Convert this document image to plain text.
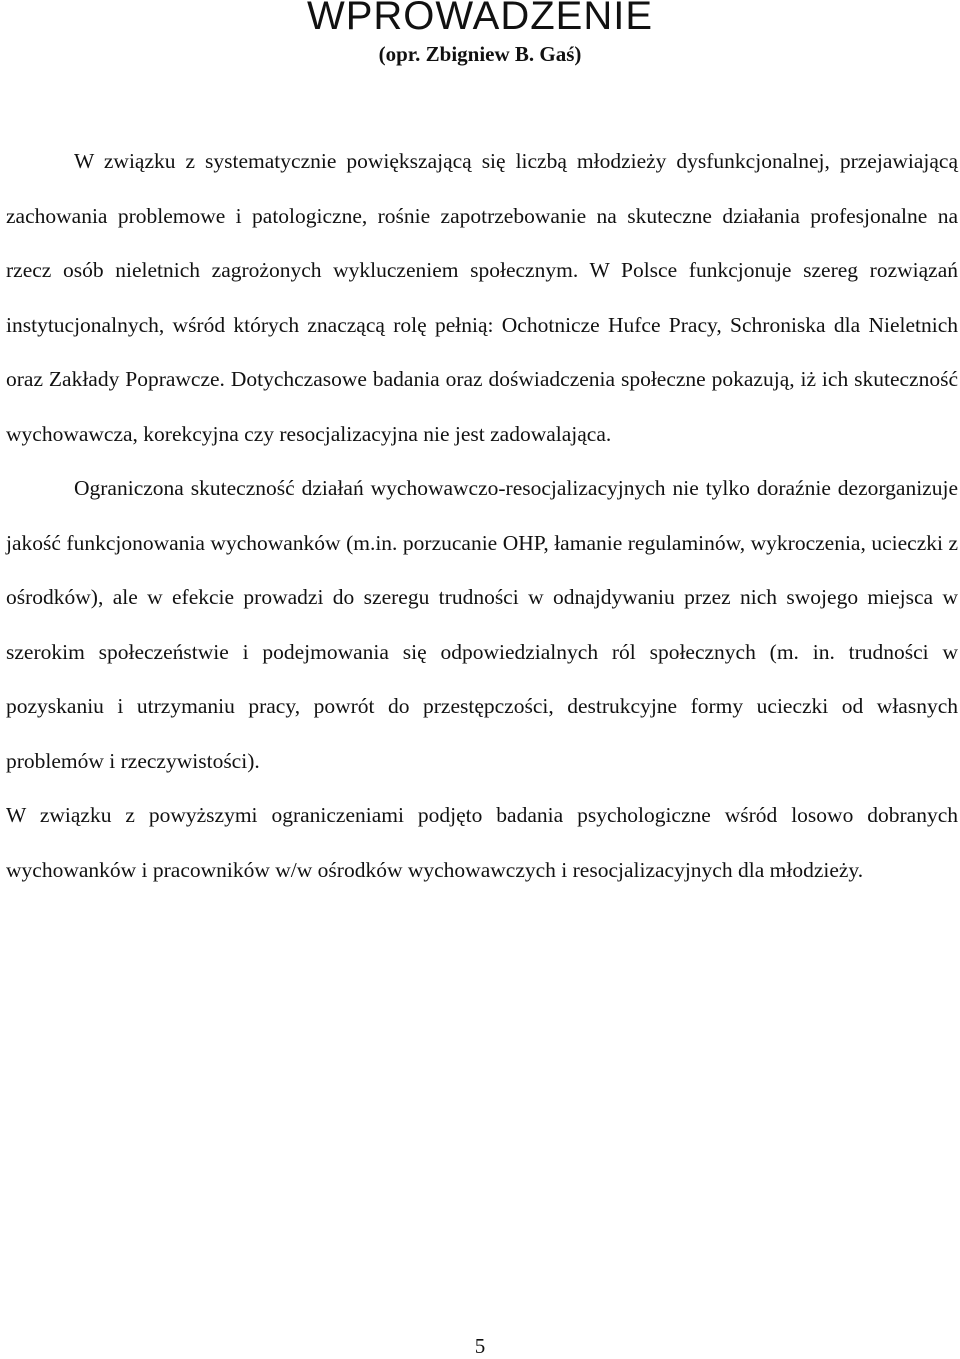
WPROWADZENIE
(opr. Zbigniew B. Gaś)

W związku z systematycznie powiększającą się liczbą młodzieży dysfunkcjonalnej, przejawiającą zachowania problemowe i patologiczne, rośnie zapotrzebowanie na skuteczne działania profesjonalne na rzecz osób nieletnich zagrożonych wykluczeniem społecznym. W Polsce funkcjonuje szereg rozwiązań instytucjonalnych, wśród których znaczącą rolę pełnią: Ochotnicze Hufce Pracy, Schroniska dla Nieletnich oraz Zakłady Poprawcze. Dotychczasowe badania oraz doświadczenia społeczne pokazują, iż ich skuteczność wychowawcza, korekcyjna czy resocjalizacyjna nie jest zadowalająca.

Ograniczona skuteczność działań wychowawczo-resocjalizacyjnych nie tylko doraźnie dezorganizuje jakość funkcjonowania wychowanków (m.in. porzucanie OHP, łamanie regulaminów, wykroczenia, ucieczki z ośrodków), ale w efekcie prowadzi do szeregu trudności w odnajdywaniu przez nich swojego miejsca w szerokim społeczeństwie i podejmowania się odpowiedzialnych ról społecznych (m. in. trudności w pozyskaniu i utrzymaniu pracy, powrót do przestępczości, destrukcyjne formy ucieczki od własnych problemów i rzeczywistości).

W związku z powyższymi ograniczeniami podjęto badania psychologiczne wśród losowo dobranych wychowanków i pracowników w/w ośrodków wychowawczych i resocjalizacyjnych dla młodzieży.

5
